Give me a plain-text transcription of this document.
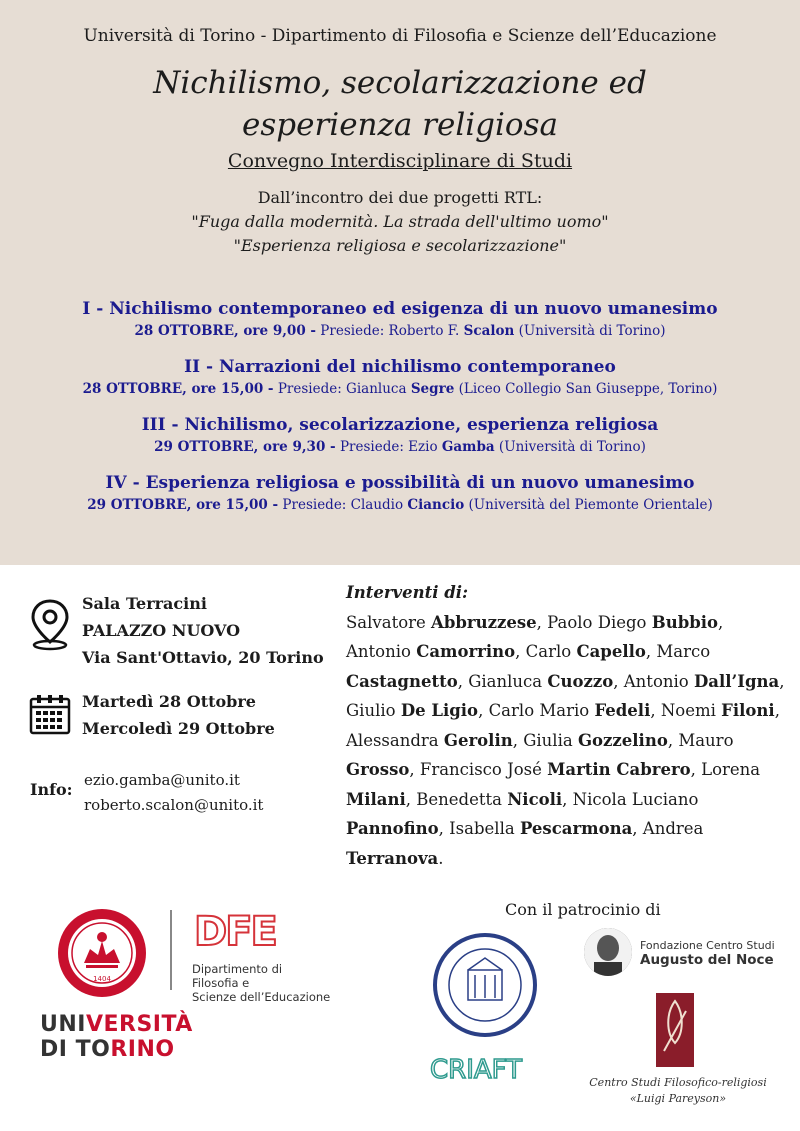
Università di Torino - Dipartimento di Filosofia e Scienze dell’Educazione
Nichilismo, secolarizzazione ed
esperienza religiosa
Convegno Interdisciplinare di Studi
Dall’incontro dei due progetti RTL:
"Fuga dalla modernità. La strada dell'ultimo uomo"
"Esperienza religiosa e secolarizzazione"
I - Nichilismo contemporaneo ed esigenza di un nuovo umanesimo
28 OTTOBRE, ore 9,00 - Presiede: Roberto F. Scalon (Università di Torino)
II - Narrazioni del nichilismo contemporaneo
28 OTTOBRE, ore 15,00 - Presiede: Gianluca Segre (Liceo Collegio San Giuseppe, Torino)
III - Nichilismo, secolarizzazione, esperienza religiosa
29 OTTOBRE, ore 9,30 - Presiede: Ezio Gamba (Università di Torino)
IV - Esperienza religiosa e possibilità di un nuovo umanesimo
29 OTTOBRE, ore 15,00 - Presiede: Claudio Ciancio (Università del Piemonte Orientale)
Sala Terracini
PALAZZO NUOVO
Via Sant'Ottavio, 20 Torino
Martedì 28 Ottobre
Mercoledì 29 Ottobre
Info: ezio.gamba@unito.it
roberto.scalon@unito.it
Interventi di:
Salvatore Abbruzzese, Paolo Diego Bubbio, Antonio Camorrino, Carlo Capello, Marco Castagnetto, Gianluca Cuozzo, Antonio Dall’Igna, Giulio De Ligio, Carlo Mario Fedeli, Noemi Filoni, Alessandra Gerolin, Giulia Gozzelino, Mauro Grosso, Francisco José Martin Cabrero, Lorena Milani, Benedetta Nicoli, Nicola Luciano Pannofino, Isabella Pescarmona, Andrea Terranova.
Con il patrocinio di
1404
UNIVERSITÀ
DI TORINO
DFE
Dipartimento di
Filosofia e
Scienze dell’Educazione
Fondazione Centro Studi
Augusto del Noce
CRIAFT	Centro Studi Filosofico-religiosi
«Luigi Pareyson»
